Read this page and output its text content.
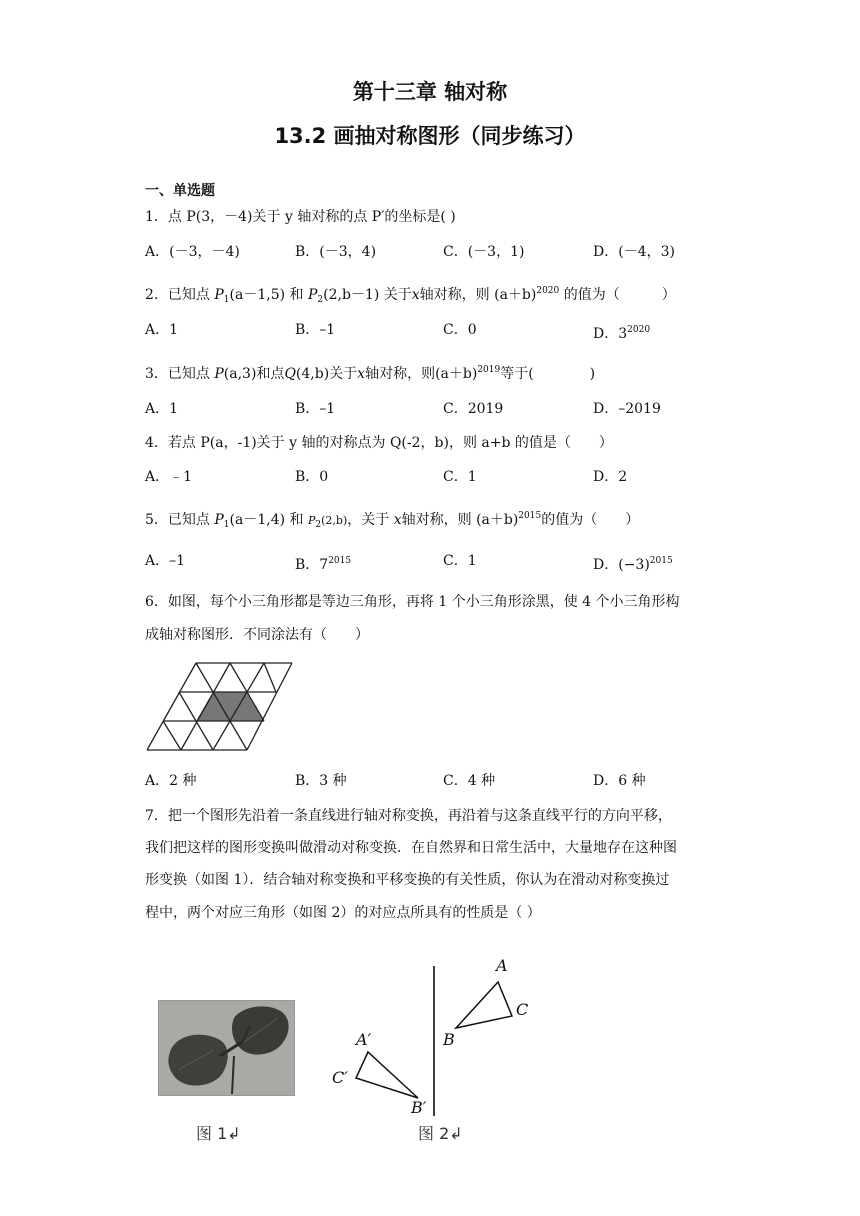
第十三章 轴对称
13.2 画抽对称图形（同步练习）
一、单选题
1．点 P(3，－4)关于 y 轴对称的点 P′的坐标是( )
A．(－3，－4)	B．(－3，4)	C．(－3，1)	D．(－4，3)
2．已知点 $P_1(a-1,5)$ 和 $P_2(2,b-1)$ 关于x轴对称，则 $(a+b)^{2020}$ 的值为（　　　）
A．1	B．–1	C．0	D．$3^{2020}$
3．已知点 P(a,3)和点Q(4,b)关于x轴对称，则$(a+b)^{2019}$等于(　　　　)
A．1	B．–1	C．2019	D．–2019
4．若点 P(a，-1)关于 y 轴的对称点为 Q(-2，b)，则 a+b 的值是（　　）
A．﹣1	B．0	C．1	D．2
5．已知点 $P_1(a-1,4)$ 和 $P_2(2,b)$，关于 x轴对称，则 $(a+b)^{2015}$的值为（　　）
A．–1	B．$7^{2015}$	C．1	D．$(-3)^{2015}$
6．如图，每个小三角形都是等边三角形，再将 1 个小三角形涂黑，使 4 个小三角形构
成轴对称图形．不同涂法有（　　）
A．2 种	B．3 种	C．4 种	D．6 种
7．把一个图形先沿着一条直线进行轴对称变换，再沿着与这条直线平行的方向平移，
我们把这样的图形变换叫做滑动对称变换．在自然界和日常生活中，大量地存在这种图
形变换（如图 1）．结合轴对称变换和平移变换的有关性质，你认为在滑动对称变换过
程中，两个对应三角形（如图 2）的对应点所具有的性质是（ ）
A
B
C
A′
C′
B′
图 1↲	图 2↲
